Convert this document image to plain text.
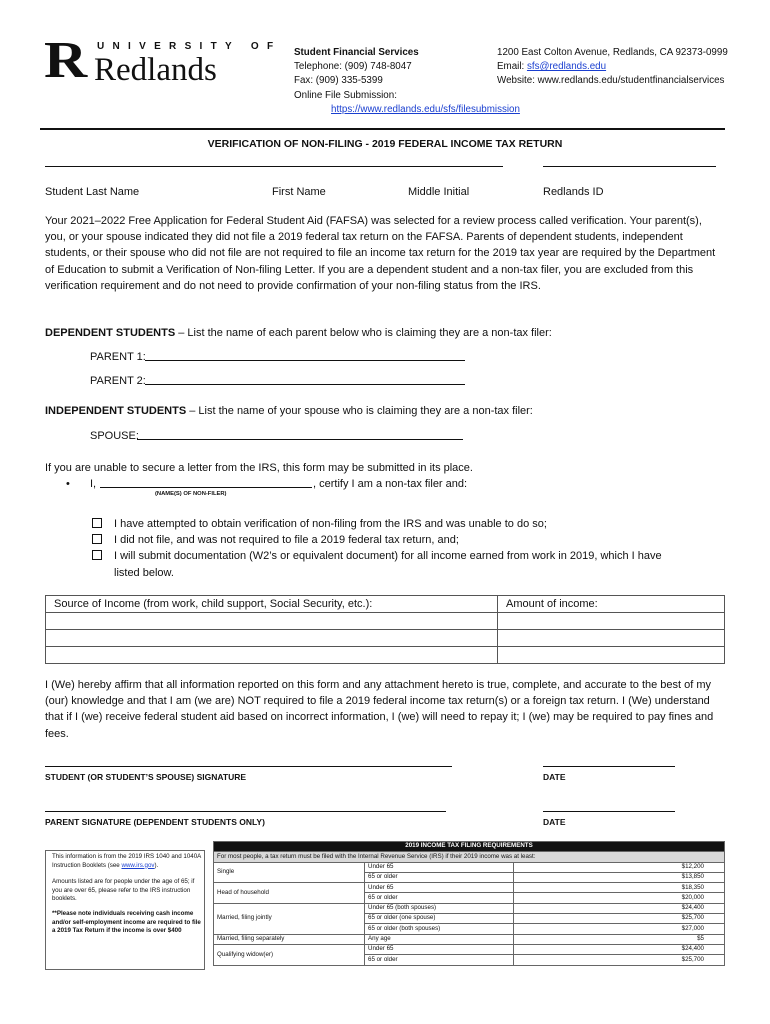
R UNIVERSITY OF
Redlands	Student Financial Services
Telephone: (909) 748-8047
Fax: (909) 335-5399
Online File Submission:
https://www.redlands.edu/sfs/filesubmission
1200 East Colton Avenue, Redlands, CA 92373-0999
Email: sfs@redlands.edu
Website: www.redlands.edu/studentfinancialservices
VERIFICATION OF NON-FILING - 2019 FEDERAL INCOME TAX RETURN
Student Last Name	First Name	Middle Initial	Redlands ID
Your 2021–2022 Free Application for Federal Student Aid (FAFSA) was selected for a review process called verification. Your parent(s), you, or your spouse indicated they did not file a 2019 federal tax return on the FAFSA. Parents of dependent students, independent students, or their spouse who did not file are not required to file an income tax return for the 2019 tax year are required by the Department of Education to submit a Verification of Non-filing Letter. If you are a dependent student and a non-tax filer, you are excluded from this verification requirement and do not need to provide confirmation of your non-filing status from the IRS.
DEPENDENT STUDENTS – List the name of each parent below who is claiming they are a non-tax filer:
PARENT 1:
PARENT 2:
INDEPENDENT STUDENTS – List the name of your spouse who is claiming they are a non-tax filer:
SPOUSE:
If you are unable to secure a letter from the IRS, this form may be submitted in its place.
• I,	, certify I am a non-tax filer and:
(NAME(S) OF NON-FILER)
I have attempted to obtain verification of non-filing from the IRS and was unable to do so;
I did not file, and was not required to file a 2019 federal tax return, and;
I will submit documentation (W2’s or equivalent document) for all income earned from work in 2019, which I have
listed below.
Source of Income (from work, child support, Social Security, etc.):	Amount of income:

I (We) hereby affirm that all information reported on this form and any attachment hereto is true, complete, and accurate to the best of my (our) knowledge and that I am (we are) NOT required to file a 2019 federal income tax return(s) or a foreign tax return. I (We) understand that if I (we) receive federal student aid based on incorrect information, I (we) will need to repay it; I (we) may be required to pay fines and fees.
STUDENT (OR STUDENT’S SPOUSE) SIGNATURE	DATE
PARENT SIGNATURE (DEPENDENT STUDENTS ONLY)	DATE
This information is from the 2019 IRS 1040 and 1040A Instruction Booklets (see www.irs.gov).
Amounts listed are for people under the age of 65; if you are over 65, please refer to the IRS instruction booklets.
**Please note individuals receiving cash income and/or self-employment income are required to file a 2019 Tax Return if the income is over $400
2019 INCOME TAX FILING REQUIREMENTS		
For most people, a tax return must be filed with the Internal Revenue Service (IRS) if their 2019 income was at least:		
Single	Under 65	$12,200
	65 or older	$13,850
Head of household	Under 65	$18,350
	65 or older	$20,000
Married, filing jointly	Under 65 (both spouses)	$24,400
	65 or older (one spouse)	$25,700
	65 or older (both spouses)	$27,000
Married, filing separately	Any age	$5
Qualifying widow(er)	Under 65	$24,400
	65 or older	$25,700
